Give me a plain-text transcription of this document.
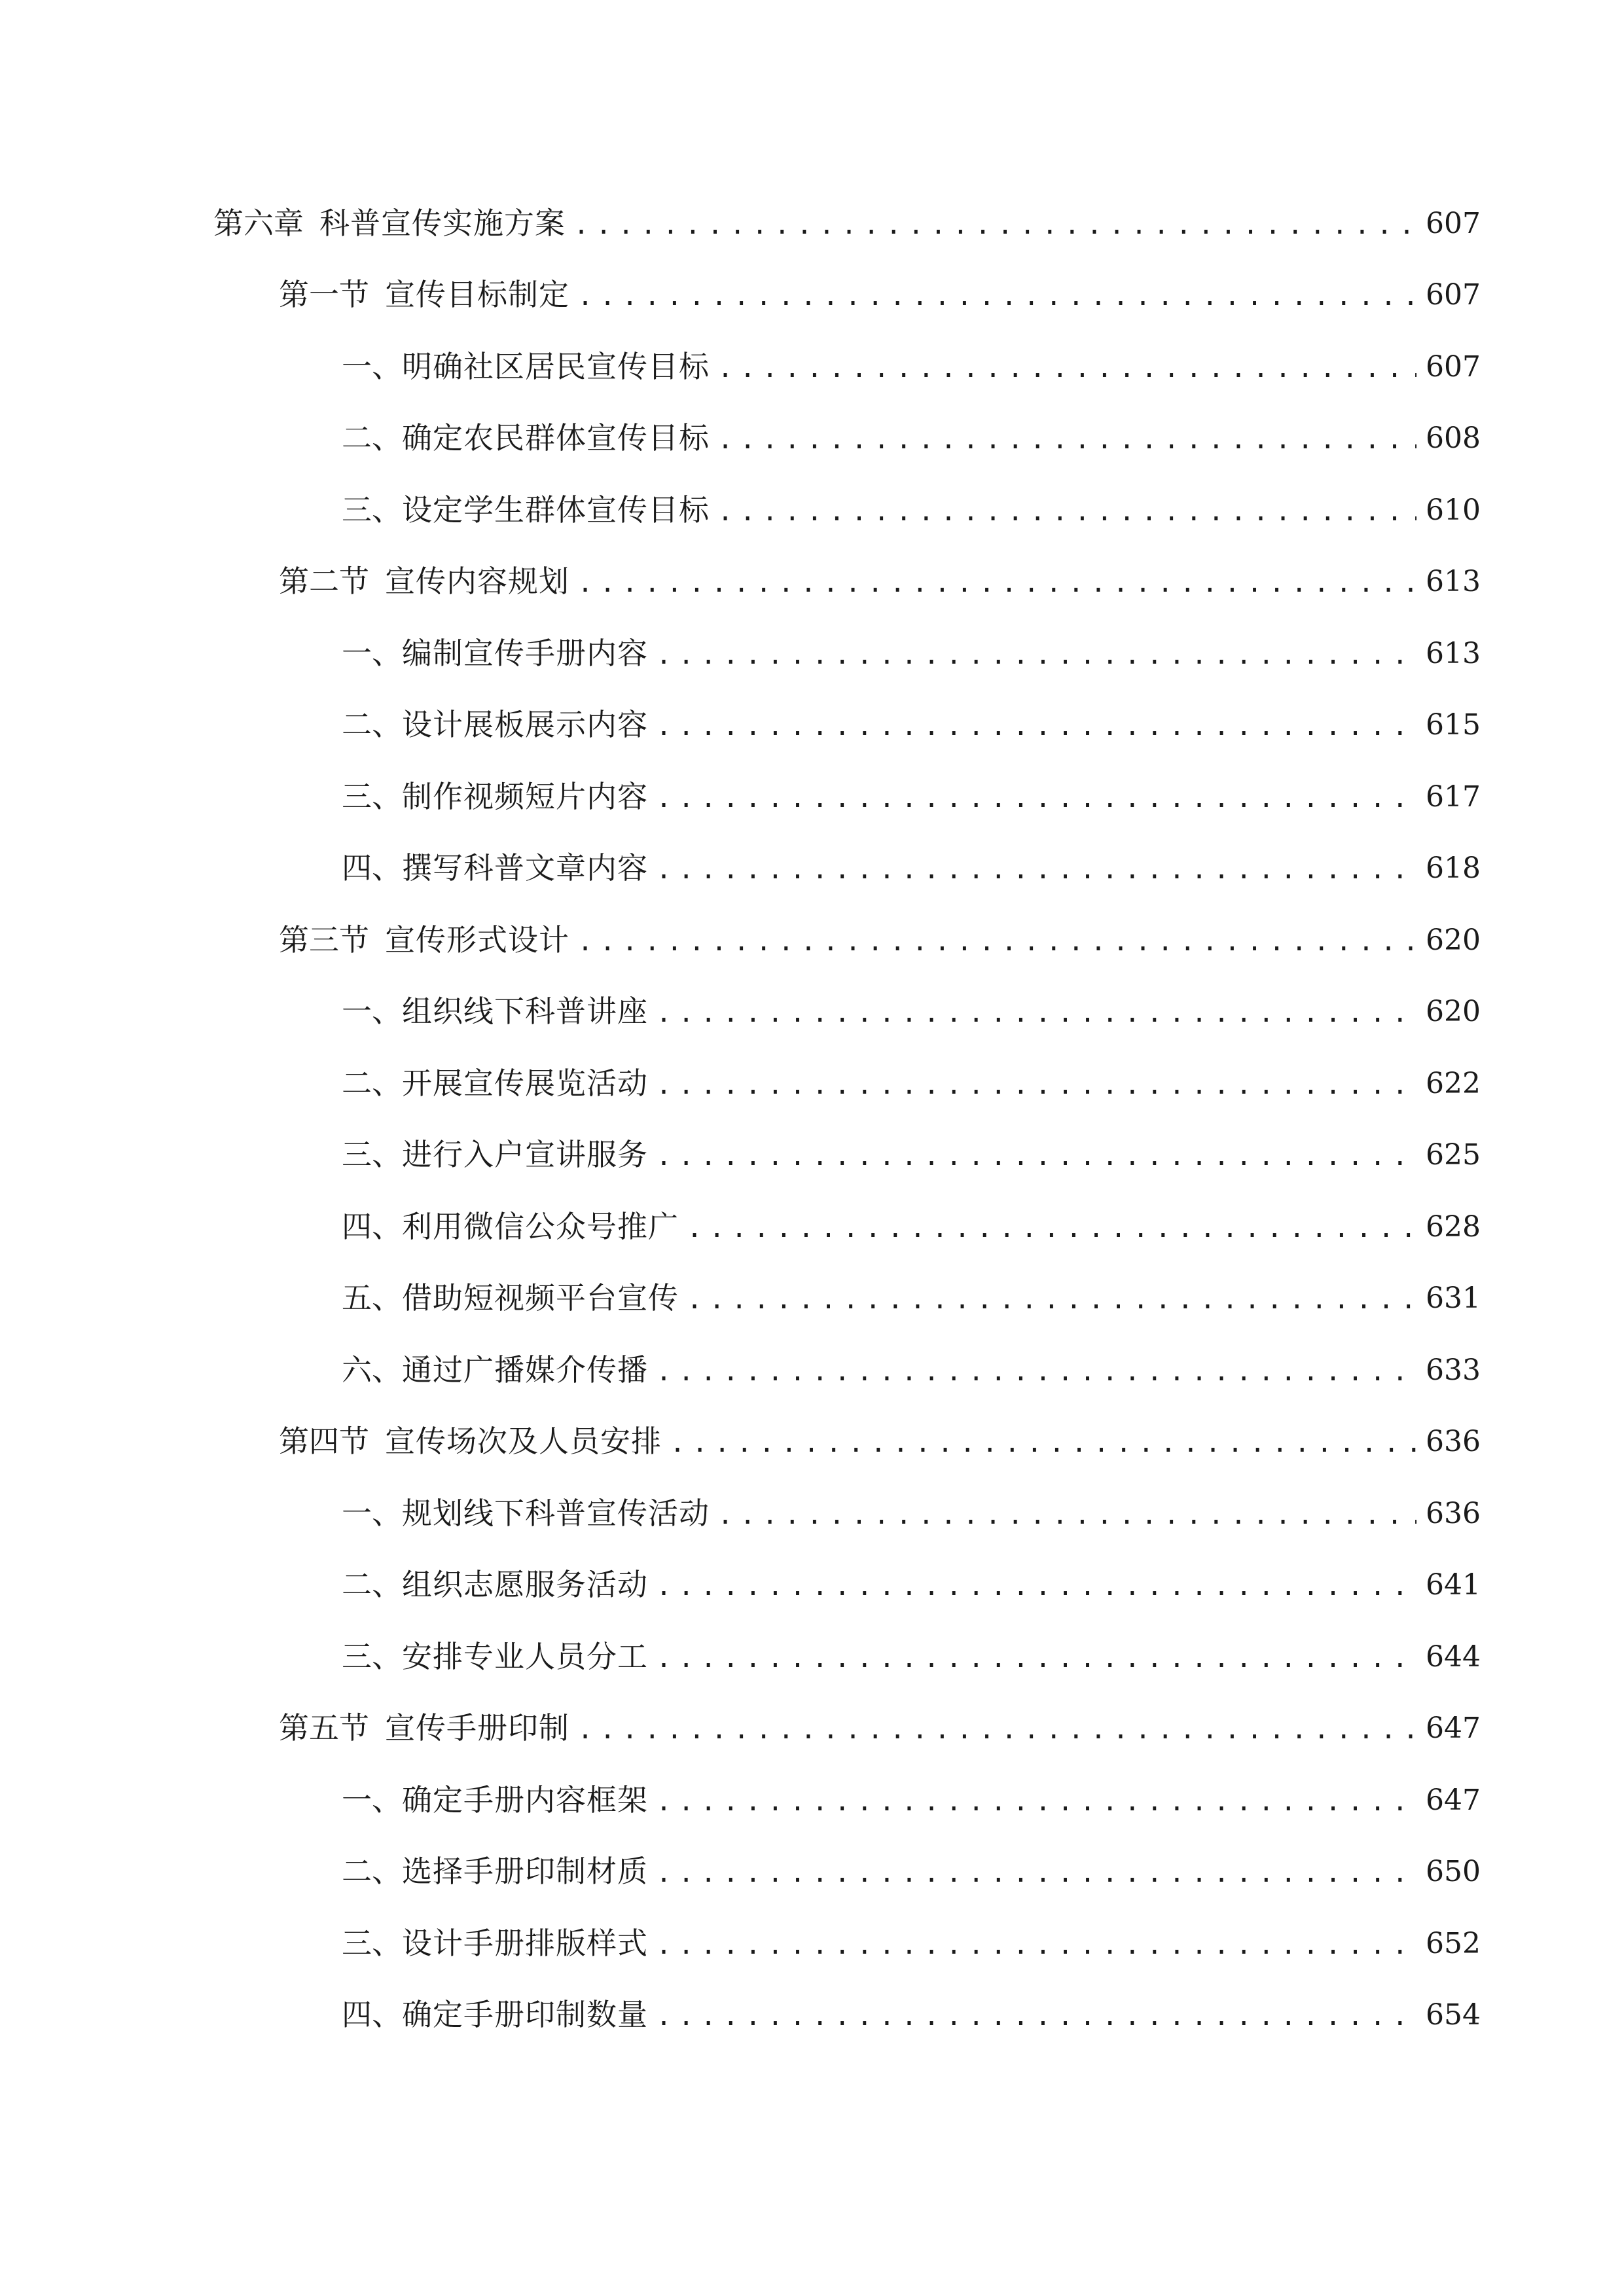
第六章 科普宣传实施方案 .....	607
第一节 宣传目标制定 .....	607
一、 明确社区居民宣传目标 .....	607
二、 确定农民群体宣传目标 .....	608
三、 设定学生群体宣传目标 .....	610
第二节 宣传内容规划 .....	613
一、 编制宣传手册内容 .....	613
二、 设计展板展示内容 .....	615
三、 制作视频短片内容 .....	617
四、 撰写科普文章内容 .....	618
第三节 宣传形式设计 .....	620
一、 组织线下科普讲座 .....	620
二、 开展宣传展览活动 .....	622
三、 进行入户宣讲服务 .....	625
四、 利用微信公众号推广 .....	628
五、 借助短视频平台宣传 .....	631
六、 通过广播媒介传播 .....	633
第四节 宣传场次及人员安排 .....	636
一、 规划线下科普宣传活动 .....	636
二、 组织志愿服务活动 .....	641
三、 安排专业人员分工 .....	644
第五节 宣传手册印制 .....	647
一、 确定手册内容框架 .....	647
二、 选择手册印制材质 .....	650
三、 设计手册排版样式 .....	652
四、 确定手册印制数量 .....	654
